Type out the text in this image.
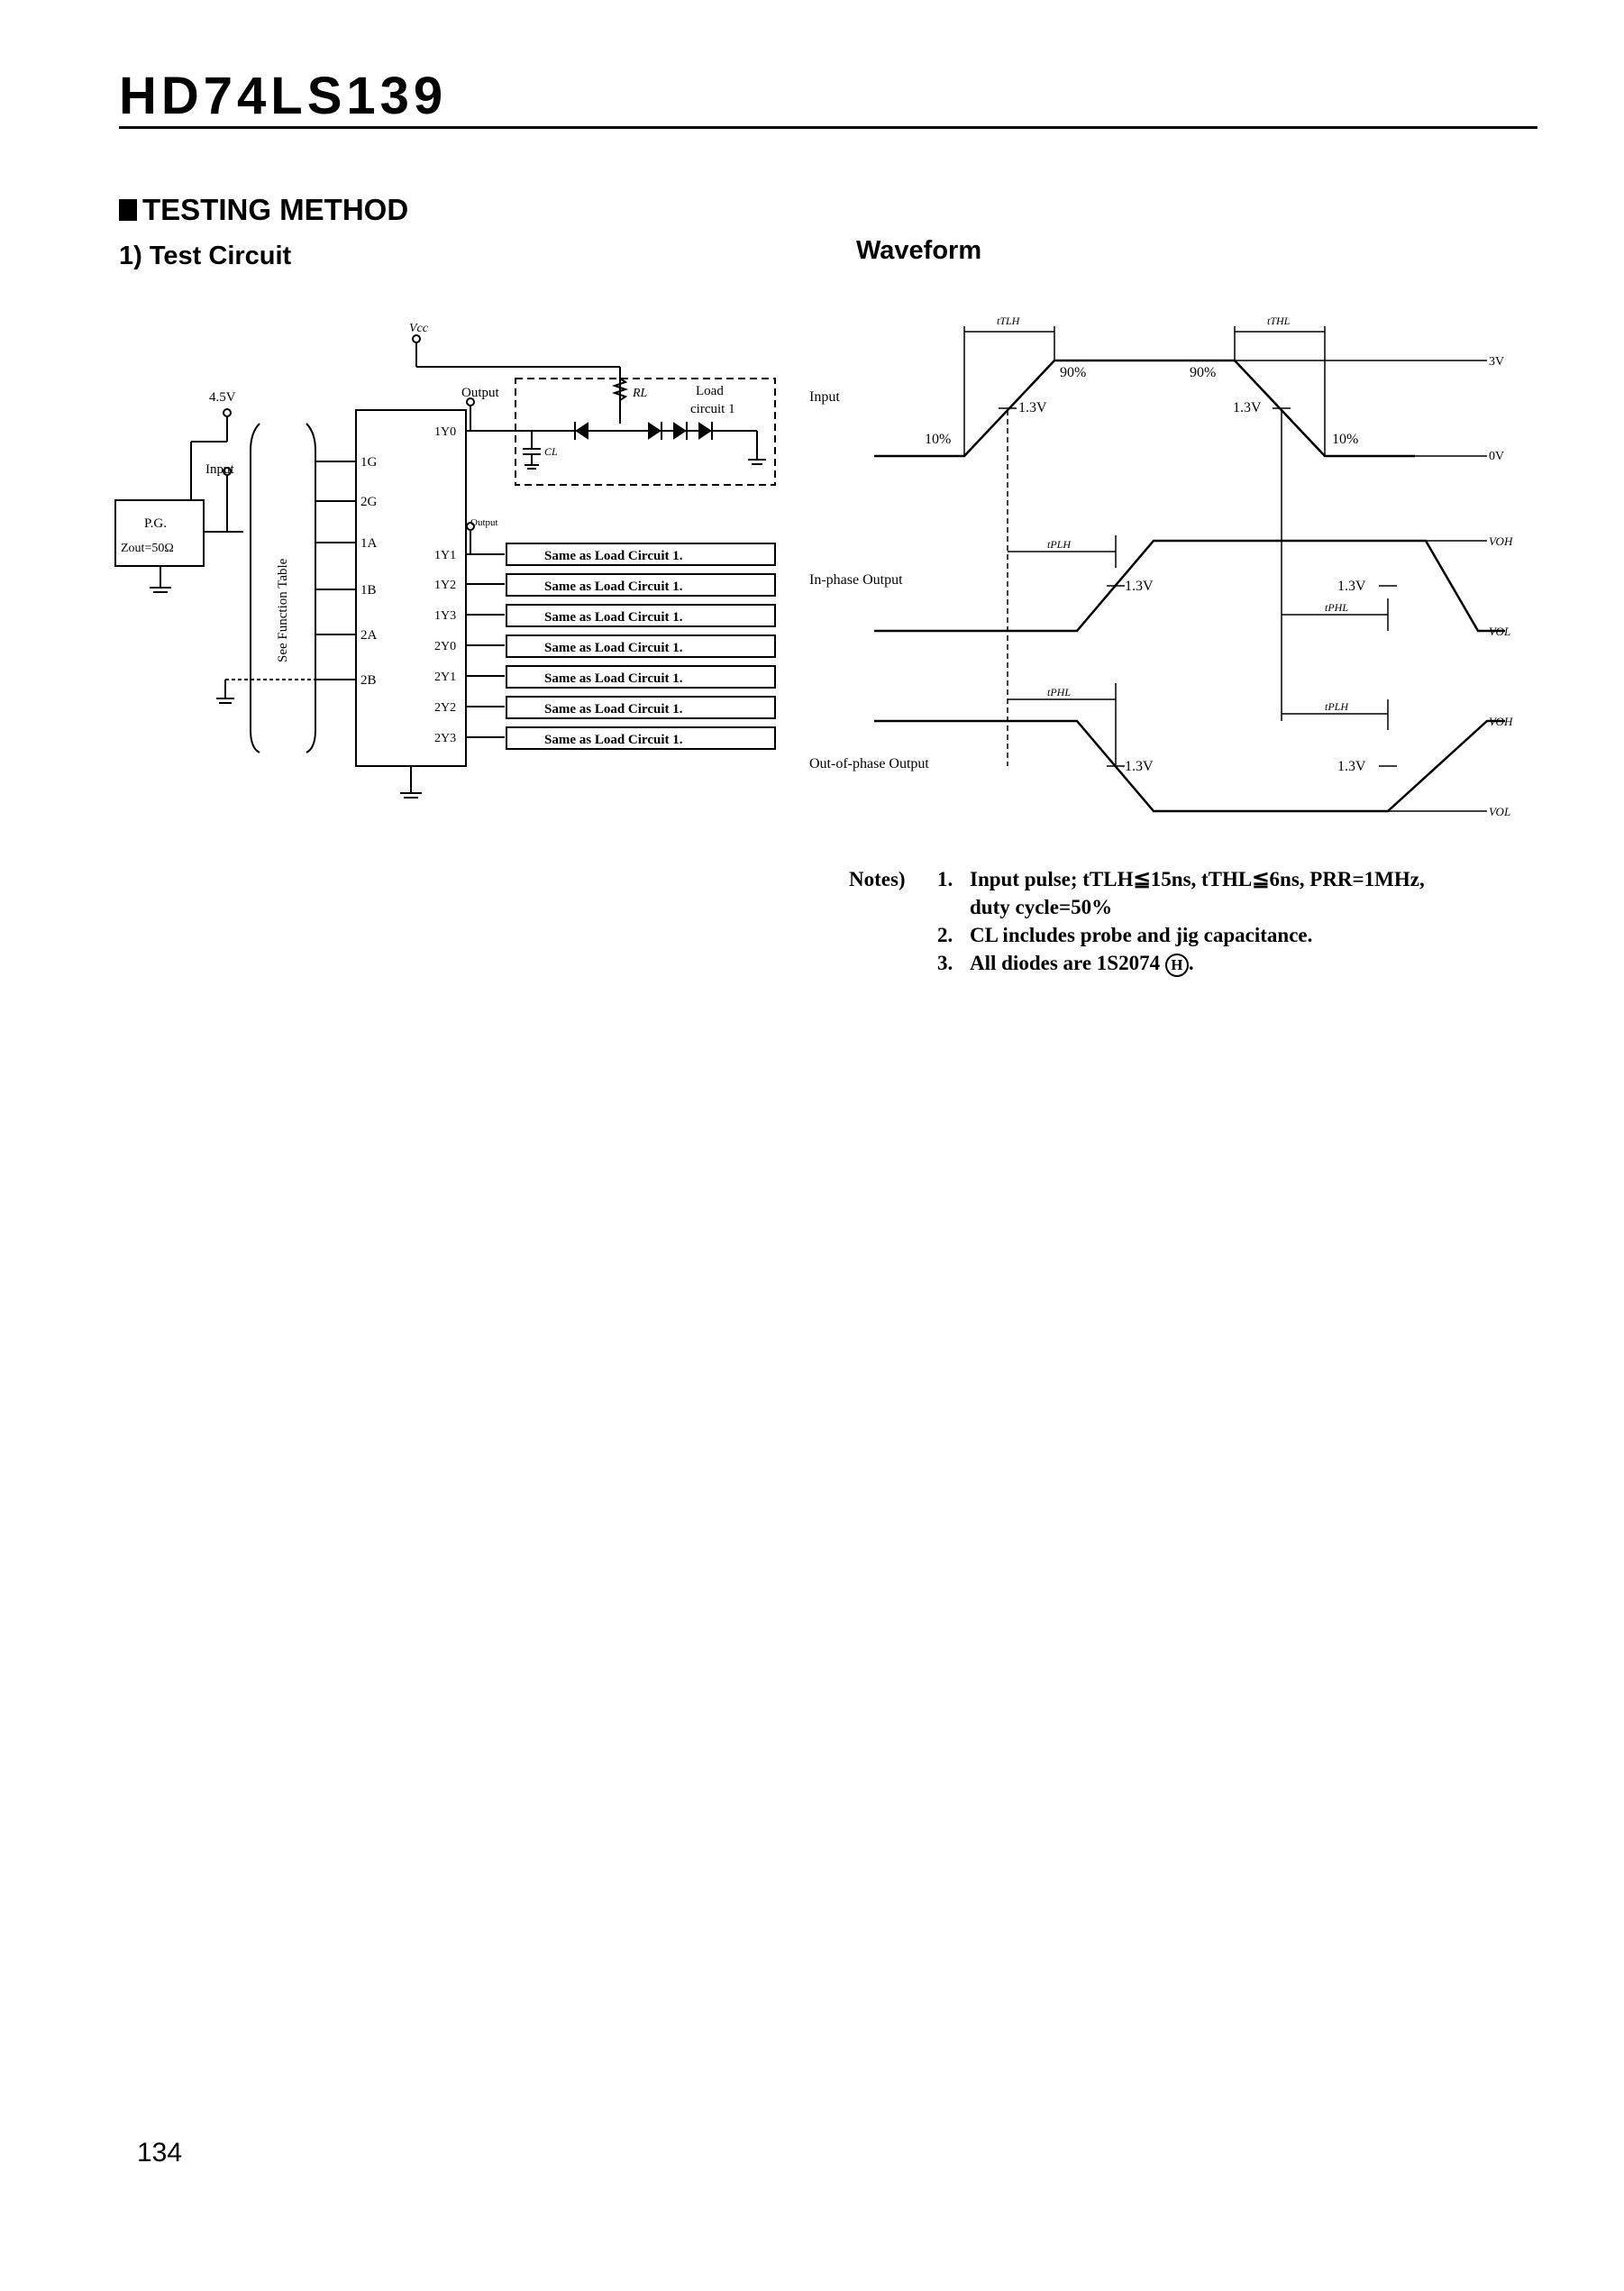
HD74LS139
TESTING METHOD
1) Test Circuit	Waveform
Vcc
4.5V
Input
P.G.
Zout=50Ω
See Function Table
Output
Output
RL
CL
Load
circuit 1
1G
2G
1A
1B
2A
2B
1Y0
1Y1
1Y2
1Y3
2Y0
2Y1
2Y2
2Y3
Same as Load Circuit 1.
Same as Load Circuit 1.
Same as Load Circuit 1.
Same as Load Circuit 1.
Same as Load Circuit 1.
Same as Load Circuit 1.
Same as Load Circuit 1.
Input
In-phase Output
Out-of-phase Output
3V
0V
VOH
VOL
VOH
VOL
90%	90%
10%	10%
1.3V	1.3V
1.3V	1.3V
1.3V	1.3V
tTLH	tTHL
tPLH
tPHL
tPHL
tPLH
Notes)	1. Input pulse; tTLH≦15ns, tTHL≦6ns, PRR=1MHz,
duty cycle=50%
2. CL includes probe and jig capacitance.
3. All diodes are 1S2074 H .
134
